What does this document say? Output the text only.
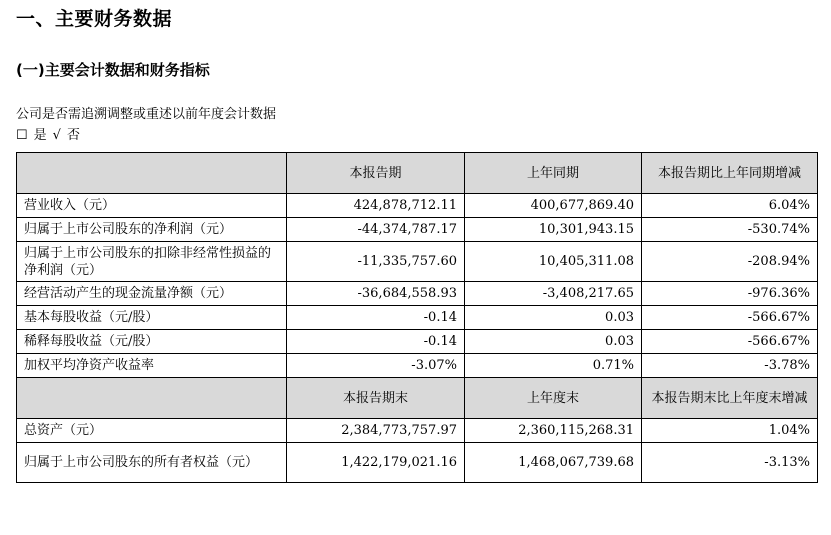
一、主要财务数据
(一)主要会计数据和财务指标
公司是否需追溯调整或重述以前年度会计数据
☐ 是 √ 否
	本报告期	上年同期	本报告期比上年同期增减
营业收入（元）	424,878,712.11	400,677,869.40	6.04%
归属于上市公司股东的净利润（元）	-44,374,787.17	10,301,943.15	-530.74%
归属于上市公司股东的扣除非经常性损益的净利润（元）	-11,335,757.60	10,405,311.08	-208.94%
经营活动产生的现金流量净额（元）	-36,684,558.93	-3,408,217.65	-976.36%
基本每股收益（元/股）	-0.14	0.03	-566.67%
稀释每股收益（元/股）	-0.14	0.03	-566.67%
加权平均净资产收益率	-3.07%	0.71%	-3.78%
	本报告期末	上年度末	本报告期末比上年度末增减
总资产（元）	2,384,773,757.97	2,360,115,268.31	1.04%
归属于上市公司股东的所有者权益（元）	1,422,179,021.16	1,468,067,739.68	-3.13%
